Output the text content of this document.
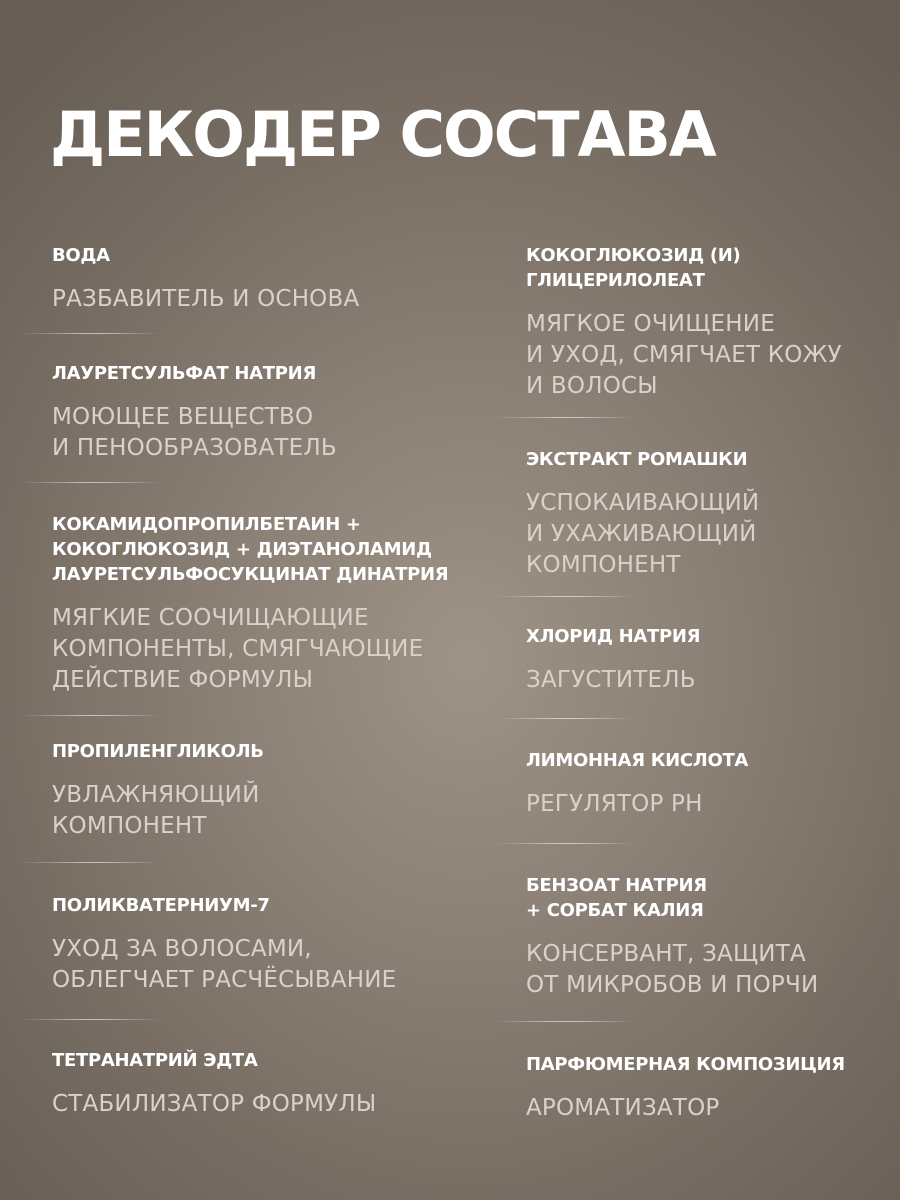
ДЕКОДЕР СОСТАВА

ВОДА

РАЗБАВИТЕЛЬ И ОСНОВА

ЛАУРЕТСУЛЬФАТ НАТРИЯ

МОЮЩЕЕ ВЕЩЕСТВО
И ПЕНООБРАЗОВАТЕЛЬ

КОКАМИДОПРОПИЛБЕТАИН +
КОКОГЛЮКОЗИД + ДИЭТАНОЛАМИД
ЛАУРЕТСУЛЬФОСУКЦИНАТ ДИНАТРИЯ

МЯГКИЕ СООЧИЩАЮЩИЕ
КОМПОНЕНТЫ, СМЯГЧАЮЩИЕ
ДЕЙСТВИЕ ФОРМУЛЫ

ПРОПИЛЕНГЛИКОЛЬ

УВЛАЖНЯЮЩИЙ
КОМПОНЕНТ

ПОЛИКВАТЕРНИУМ-7

УХОД ЗА ВОЛОСАМИ,
ОБЛЕГЧАЕТ РАСЧЁСЫВАНИЕ

ТЕТРАНАТРИЙ ЭДТА

СТАБИЛИЗАТОР ФОРМУЛЫ

КОКОГЛЮКОЗИД (И)
ГЛИЦЕРИЛОЛЕАТ

МЯГКОЕ ОЧИЩЕНИЕ
И УХОД, СМЯГЧАЕТ КОЖУ
И ВОЛОСЫ

ЭКСТРАКТ РОМАШКИ

УСПОКАИВАЮЩИЙ
И УХАЖИВАЮЩИЙ
КОМПОНЕНТ

ХЛОРИД НАТРИЯ

ЗАГУСТИТЕЛЬ

ЛИМОННАЯ КИСЛОТА

РЕГУЛЯТОР PH

БЕНЗОАТ НАТРИЯ
+ СОРБАТ КАЛИЯ

КОНСЕРВАНТ, ЗАЩИТА
ОТ МИКРОБОВ И ПОРЧИ

ПАРФЮМЕРНАЯ КОМПОЗИЦИЯ

АРОМАТИЗАТОР
